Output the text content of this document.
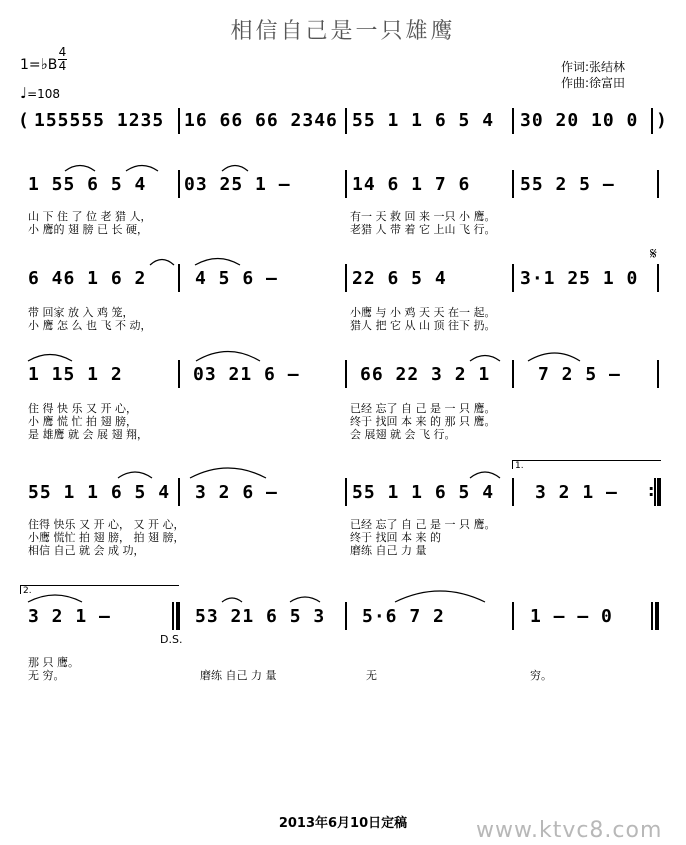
相信自己是一只雄鹰
1=♭B
4
4
♩=108
作词:张结林
作曲:徐富田
( 155555 1235 16 66 66 2346 55 1 1 6 5 4 30 20 10 0 )
1 55 6 5 4 03 25 1 –	14 6 1 7 6	55 2 5 –
山 下 住 了 位 老 猎 人，	有一 天 救 回 来 一只 小 鹰。
小 鹰的 翅 膀 已 长 硬，	老猎 人 带 着 它 上山 飞 行。
6 46 1 6 2	4 5 6 –	22 6 5 4	3·1 25 1 0
𝄋
带 回家 放 入 鸡 笼，	小鹰 与 小 鸡 天 天 在一 起。
小 鹰 怎 么 也 飞 不 动，	猎人 把 它 从 山 顶 往下 扔。
1 15 1 2	03 21 6 –	66 22 3 2 1	7 2 5 –
住 得 快 乐 又 开 心，	已经 忘了 自 己 是 一 只 鹰。
小 鹰 慌 忙 拍 翅 膀，	终于 找回 本 来 的 那 只 鹰。
是 雄鹰 就 会 展 翅 翔，	会 展翅 就 会 飞 行。
55 1 1 6 5 4 3 2 6 –	55 1 1 6 5 4 3 2 1 –
1.
:
住得 快乐 又 开 心， 又 开 心，	已经 忘了 自 己 是 一 只 鹰。
小鹰 慌忙 拍 翅 膀， 拍 翅 膀，	终于 找回 本 来 的
相信 自己 就 会 成 功，	磨练 自己 力 量
2.
3 2 1 –	53 21 6 5 3 5·6 7 2	1 – – 0
D.S.
那 只 鹰。
无 穷。	磨练 自己 力 量	无	穷。
2013年6月10日定稿	www.ktvc8.com
